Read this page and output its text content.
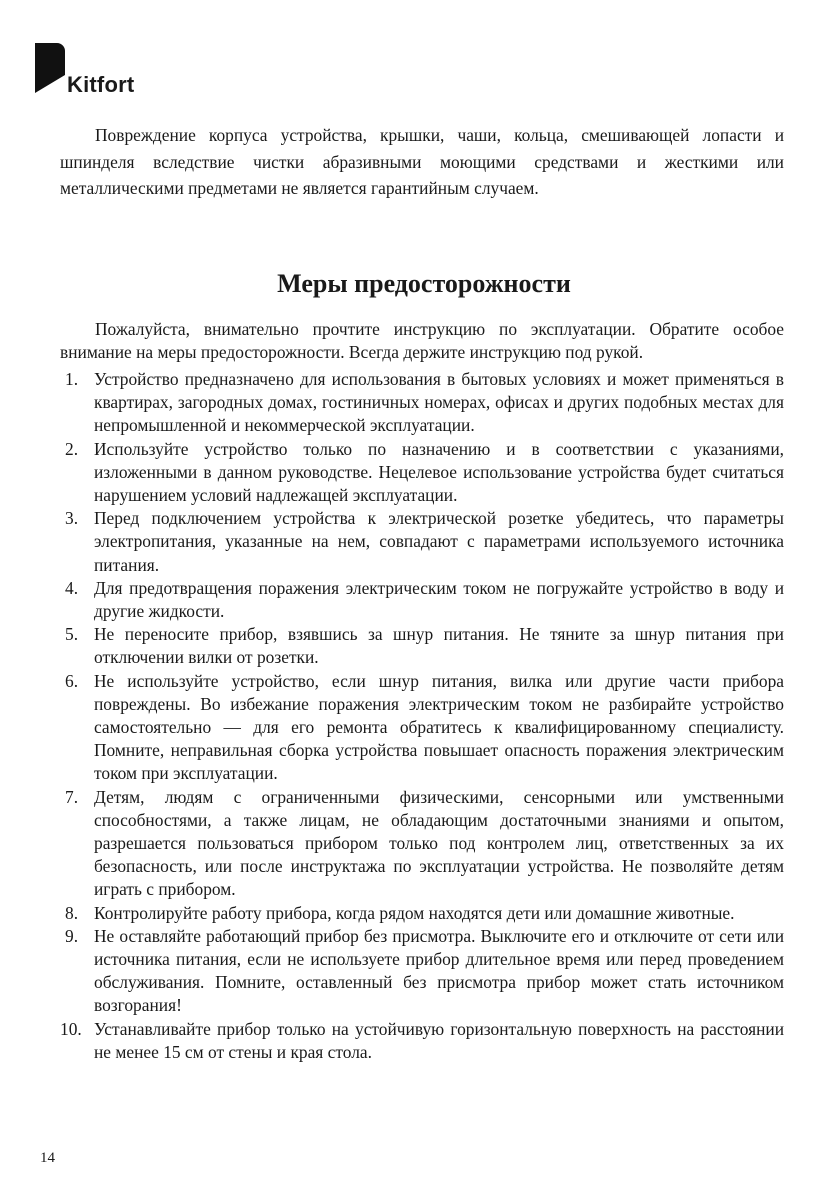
Kitfort

Повреждение корпуса устройства, крышки, чаши, кольца, смешивающей лопасти и шпинделя вследствие чистки абразивными моющими средствами и жесткими или металлическими предметами не является гарантийным случаем.

Меры предосторожности

Пожалуйста, внимательно прочтите инструкцию по эксплуатации. Обратите особое внимание на меры предосторожности. Всегда держите инструкцию под рукой.

1. Устройство предназначено для использования в бытовых условиях и может применяться в квартирах, загородных домах, гостиничных номерах, офисах и других подобных местах для непромышленной и некоммерческой эксплуатации.
2. Используйте устройство только по назначению и в соответствии с указаниями, изложенными в данном руководстве. Нецелевое использование устройства будет считаться нарушением условий надлежащей эксплуатации.
3. Перед подключением устройства к электрической розетке убедитесь, что параметры электропитания, указанные на нем, совпадают с параметрами используемого источника питания.
4. Для предотвращения поражения электрическим током не погружайте устройство в воду и другие жидкости.
5. Не переносите прибор, взявшись за шнур питания. Не тяните за шнур питания при отключении вилки от розетки.
6. Не используйте устройство, если шнур питания, вилка или другие части прибора повреждены. Во избежание поражения электрическим током не разбирайте устройство самостоятельно — для его ремонта обратитесь к квалифицированному специалисту. Помните, неправильная сборка устройства повышает опасность поражения электрическим током при эксплуатации.
7. Детям, людям с ограниченными физическими, сенсорными или умственными способностями, а также лицам, не обладающим достаточными знаниями и опытом, разрешается пользоваться прибором только под контролем лиц, ответственных за их безопасность, или после инструктажа по эксплуатации устройства. Не позволяйте детям играть с прибором.
8. Контролируйте работу прибора, когда рядом находятся дети или домашние животные.
9. Не оставляйте работающий прибор без присмотра. Выключите его и отключите от сети или источника питания, если не используете прибор длительное время или перед проведением обслуживания. Помните, оставленный без присмотра прибор может стать источником возгорания!
10. Устанавливайте прибор только на устойчивую горизонтальную поверхность на расстоянии не менее 15 см от стены и края стола.
14
